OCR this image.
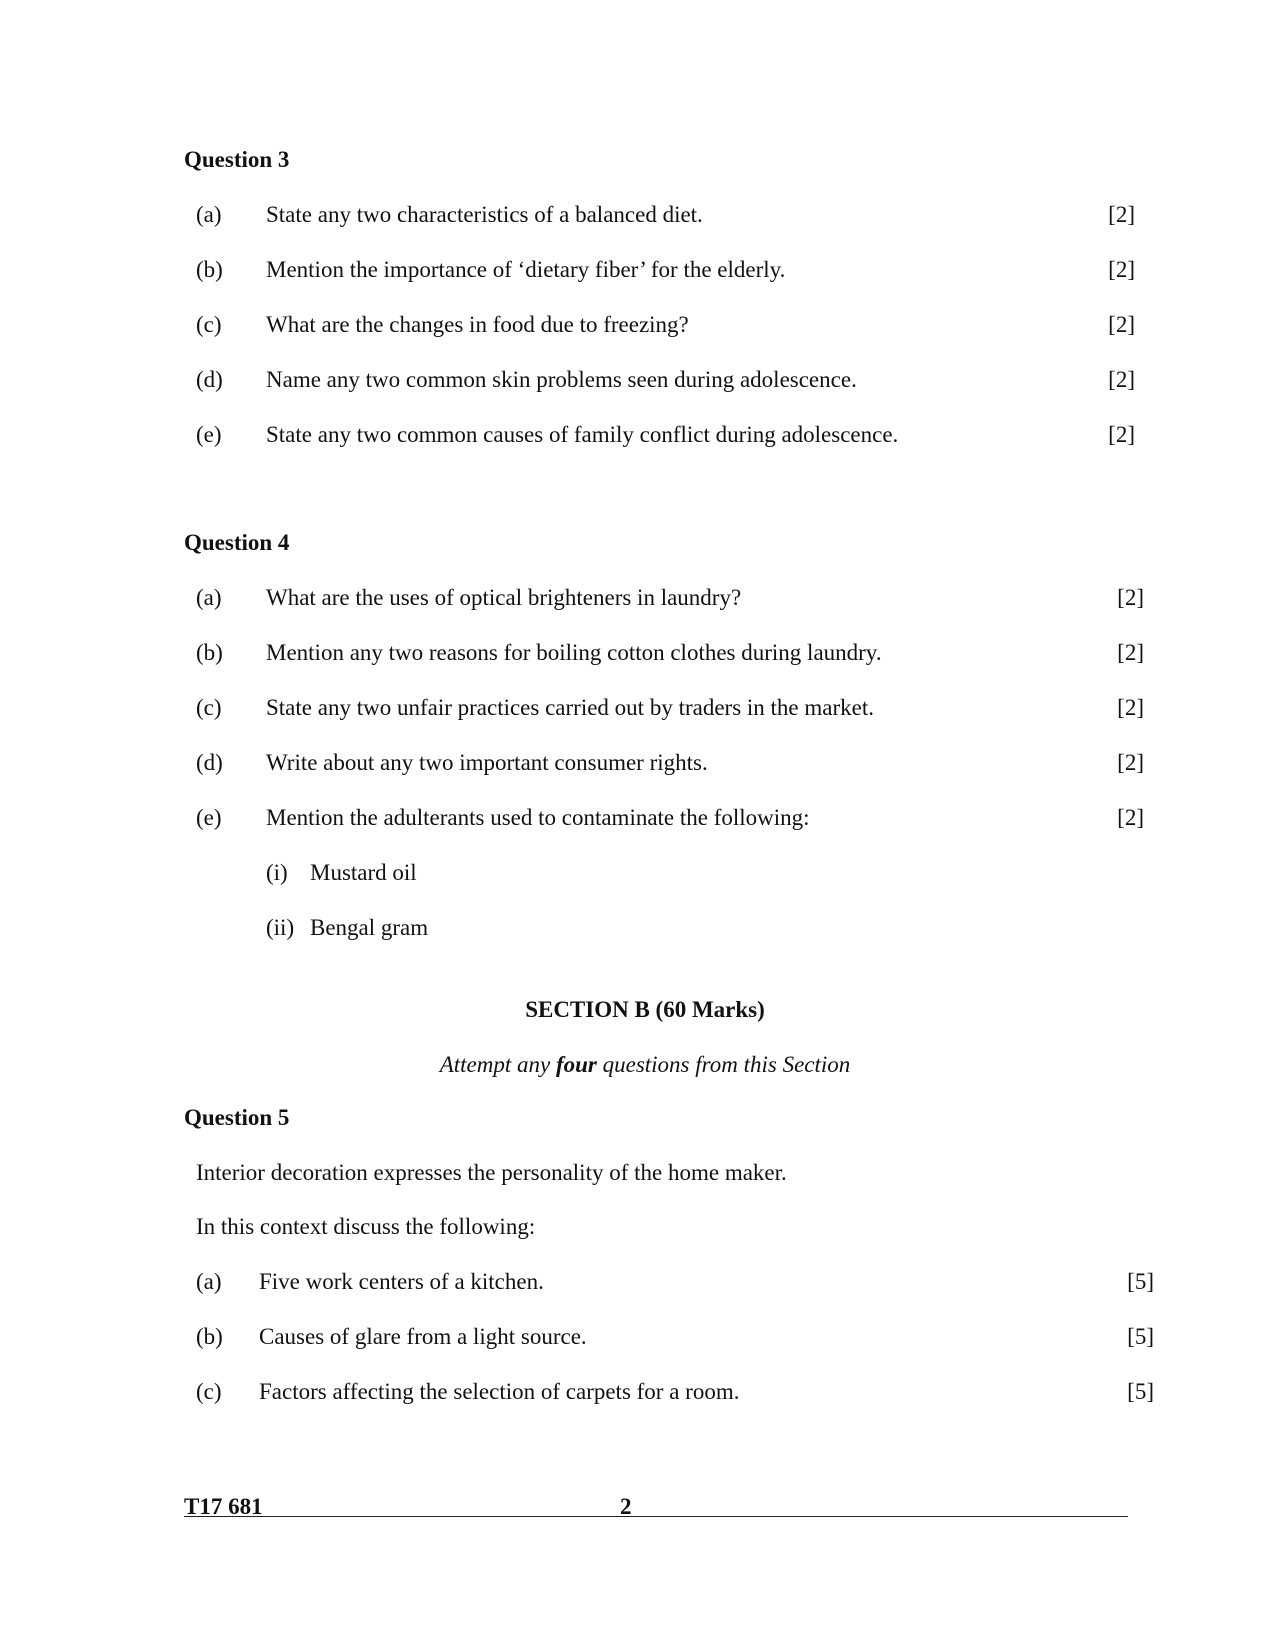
Question 3
(a)	State any two characteristics of a balanced diet.	[2]
(b)	Mention the importance of ‘dietary fiber’ for the elderly.	[2]
(c)	What are the changes in food due to freezing?	[2]
(d)	Name any two common skin problems seen during adolescence.	[2]
(e)	State any two common causes of family conflict during adolescence.	[2]
Question 4
(a)	What are the uses of optical brighteners in laundry?	[2]
(b)	Mention any two reasons for boiling cotton clothes during laundry.	[2]
(c)	State any two unfair practices carried out by traders in the market.	[2]
(d)	Write about any two important consumer rights.	[2]
(e)	Mention the adulterants used to contaminate the following:	[2]
(i) Mustard oil
(ii) Bengal gram
SECTION B (60 Marks)
Attempt any four questions from this Section
Question 5
Interior decoration expresses the personality of the home maker.
In this context discuss the following:
(a)	Five work centers of a kitchen.	[5]
(b)	Causes of glare from a light source.	[5]
(c)	Factors affecting the selection of carpets for a room.	[5]
T17 681	2
